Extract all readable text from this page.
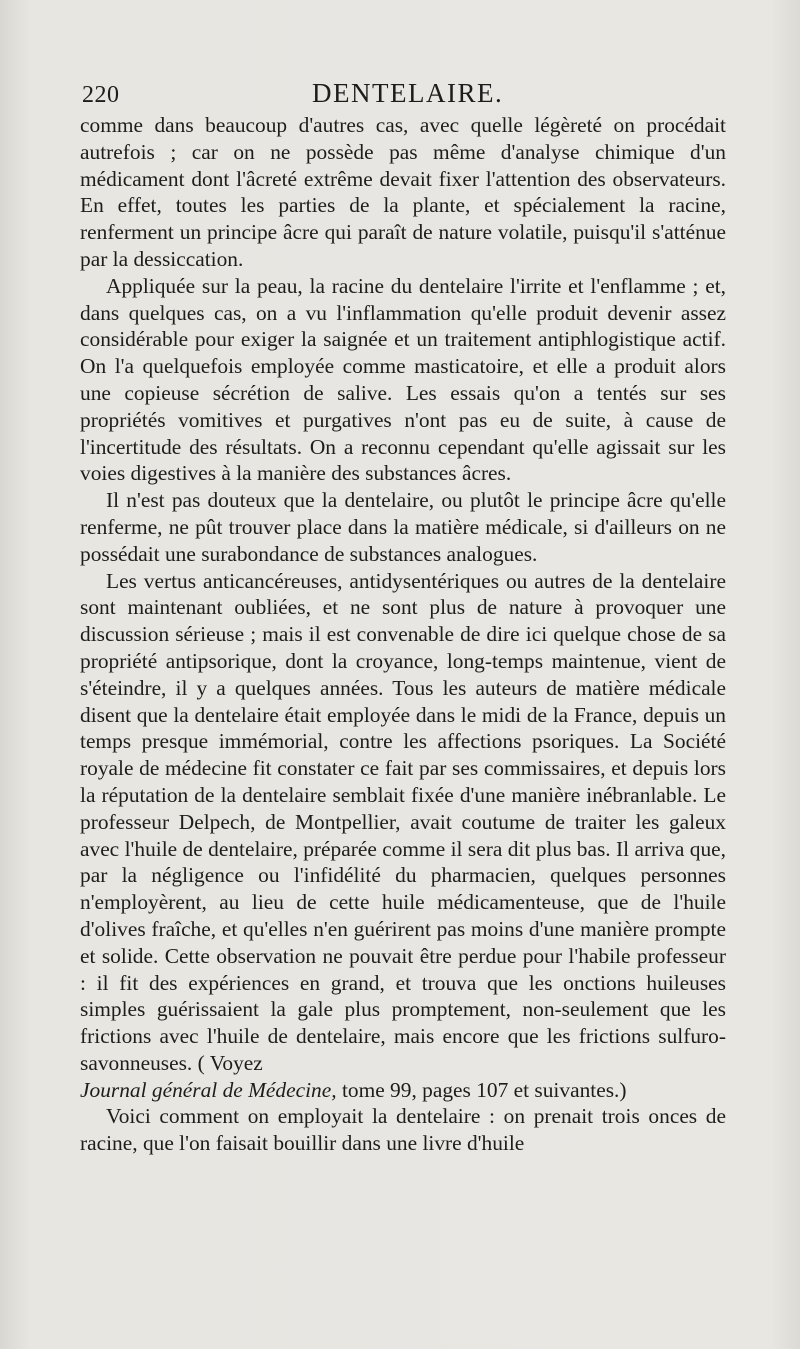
220	DENTELAIRE.

comme dans beaucoup d'autres cas, avec quelle légèreté on procédait autrefois ; car on ne possède pas même d'analyse chimique d'un médicament dont l'âcreté extrême devait fixer l'attention des observateurs. En effet, toutes les parties de la plante, et spécialement la racine, renferment un principe âcre qui paraît de nature volatile, puisqu'il s'atténue par la dessiccation.

Appliquée sur la peau, la racine du dentelaire l'irrite et l'enflamme ; et, dans quelques cas, on a vu l'inflammation qu'elle produit devenir assez considérable pour exiger la saignée et un traitement antiphlogistique actif. On l'a quelquefois employée comme masticatoire, et elle a produit alors une copieuse sécrétion de salive. Les essais qu'on a tentés sur ses propriétés vomitives et purgatives n'ont pas eu de suite, à cause de l'incertitude des résultats. On a reconnu cependant qu'elle agissait sur les voies digestives à la manière des substances âcres.

Il n'est pas douteux que la dentelaire, ou plutôt le principe âcre qu'elle renferme, ne pût trouver place dans la matière médicale, si d'ailleurs on ne possédait une surabondance de substances analogues.

Les vertus anticancéreuses, antidysentériques ou autres de la dentelaire sont maintenant oubliées, et ne sont plus de nature à provoquer une discussion sérieuse ; mais il est convenable de dire ici quelque chose de sa propriété antipsorique, dont la croyance, long-temps maintenue, vient de s'éteindre, il y a quelques années. Tous les auteurs de matière médicale disent que la dentelaire était employée dans le midi de la France, depuis un temps presque immémorial, contre les affections psoriques. La Société royale de médecine fit constater ce fait par ses commissaires, et depuis lors la réputation de la dentelaire semblait fixée d'une manière inébranlable. Le professeur Delpech, de Montpellier, avait coutume de traiter les galeux avec l'huile de dentelaire, préparée comme il sera dit plus bas. Il arriva que, par la négligence ou l'infidélité du pharmacien, quelques personnes n'employèrent, au lieu de cette huile médicamenteuse, que de l'huile d'olives fraîche, et qu'elles n'en guérirent pas moins d'une manière prompte et solide. Cette observation ne pouvait être perdue pour l'habile professeur : il fit des expériences en grand, et trouva que les onctions huileuses simples guérissaient la gale plus promptement, non-seulement que les frictions avec l'huile de dentelaire, mais encore que les frictions sulfuro-savonneuses. ( Voyez
Journal général de Médecine, tome 99, pages 107 et suivantes.)

Voici comment on employait la dentelaire : on prenait trois onces de racine, que l'on faisait bouillir dans une livre d'huile
